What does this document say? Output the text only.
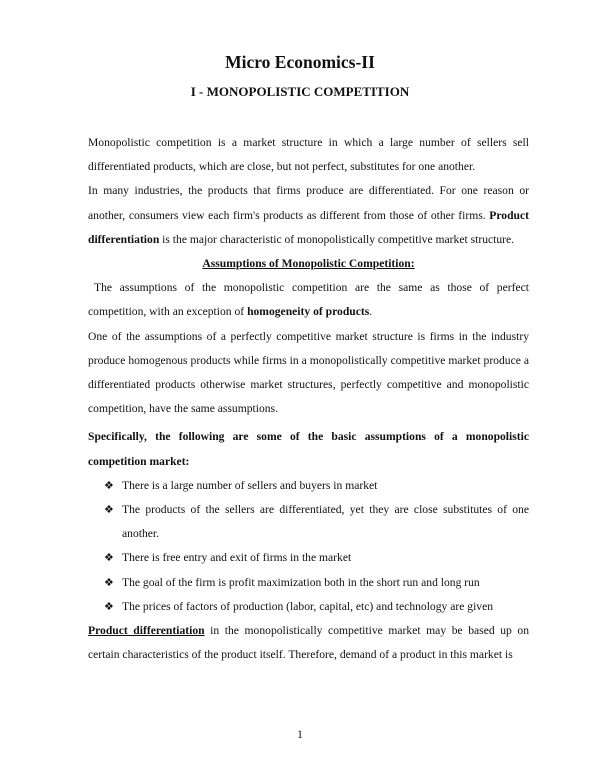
Micro Economics-II
I - MONOPOLISTIC COMPETITION

Monopolistic competition is a market structure in which a large number of sellers sell differentiated products, which are close, but not perfect, substitutes for one another.

In many industries, the products that firms produce are differentiated. For one reason or another, consumers view each firm's products as different from those of other firms. Product differentiation is the major characteristic of monopolistically competitive market structure.

Assumptions of Monopolistic Competition:

The assumptions of the monopolistic competition are the same as those of perfect competition, with an exception of homogeneity of products.

One of the assumptions of a perfectly competitive market structure is firms in the industry produce homogenous products while firms in a monopolistically competitive market produce a differentiated products otherwise market structures, perfectly competitive and monopolistic competition, have the same assumptions.

Specifically, the following are some of the basic assumptions of a monopolistic competition market:

❖ There is a large number of sellers and buyers in market
❖ The products of the sellers are differentiated, yet they are close substitutes of one another.
❖ There is free entry and exit of firms in the market
❖ The goal of the firm is profit maximization both in the short run and long run
❖ The prices of factors of production (labor, capital, etc) and technology are given

Product differentiation in the monopolistically competitive market may be based up on certain characteristics of the product itself. Therefore, demand of a product in this market is

1
